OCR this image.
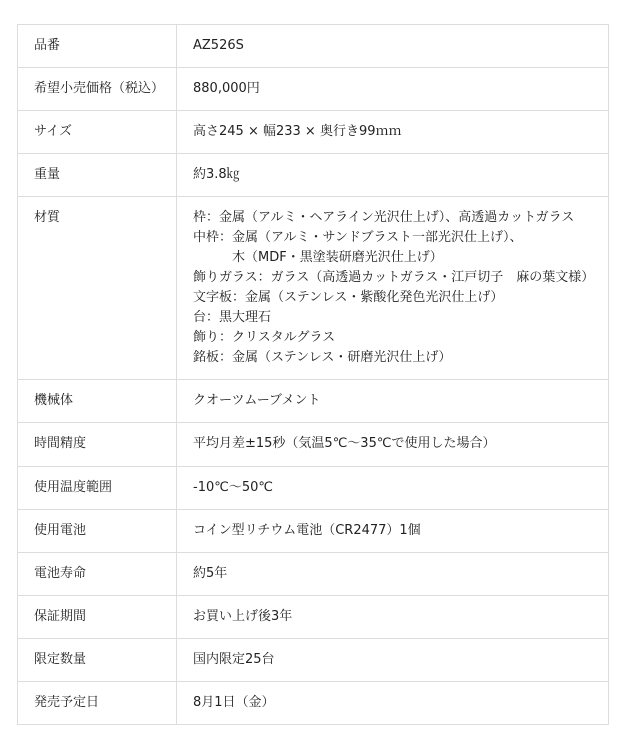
品番	AZ526S
希望小売価格（税込）	880,000円
サイズ	高さ245 × 幅233 × 奥行き99ｍｍ
重量	約3.8㎏
材質	枠：金属（アルミ・ヘアライン光沢仕上げ）、高透過カットガラス
中枠：金属（アルミ・サンドブラスト一部光沢仕上げ）、
　　　木（MDF・黒塗装研磨光沢仕上げ）
飾りガラス：ガラス（高透過カットガラス・江戸切子　麻の葉文様）
文字板：金属（ステンレス・紫酸化発色光沢仕上げ）
台：黒大理石
飾り：クリスタルグラス
銘板：金属（ステンレス・研磨光沢仕上げ）
機械体	クオーツムーブメント
時間精度	平均月差±15秒（気温5℃～35℃で使用した場合）
使用温度範囲	-10℃～50℃
使用電池	コイン型リチウム電池（CR2477）1個
電池寿命	約5年
保証期間	お買い上げ後3年
限定数量	国内限定25台
発売予定日	8月1日（金）
